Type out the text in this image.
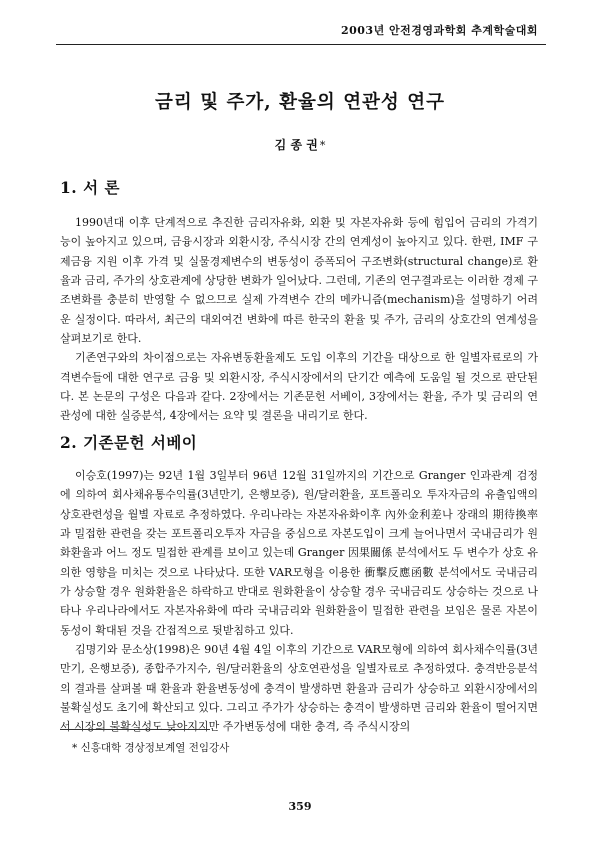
2003년 안전경영과학회 추계학술대회
금리 및 주가, 환율의 연관성 연구
김 종 권 *
1. 서 론

1990년대 이후 단계적으로 추진한 금리자유화, 외환 및 자본자유화 등에 힘입어 금리의 가격기능이 높아지고 있으며, 금융시장과 외환시장, 주식시장 간의 연계성이 높아지고 있다. 한편, IMF 구제금융 지원 이후 가격 및 실물경제변수의 변동성이 증폭되어 구조변화(structural change)로 환율과 금리, 주가의 상호관계에 상당한 변화가 일어났다. 그런데, 기존의 연구결과로는 이러한 경제 구조변화를 충분히 반영할 수 없으므로 실제 가격변수 간의 메카니즘(mechanism)을 설명하기 어려운 실정이다. 따라서, 최근의 대외여건 변화에 따른 한국의 환율 및 주가, 금리의 상호간의 연계성을 살펴보기로 한다.

기존연구와의 차이점으로는 자유변동환율제도 도입 이후의 기간을 대상으로 한 일별자료로의 가격변수들에 대한 연구로 금융 및 외환시장, 주식시장에서의 단기간 예측에 도움일 될 것으로 판단된다. 본 논문의 구성은 다음과 같다. 2장에서는 기존문헌 서베이, 3장에서는 환율, 주가 및 금리의 연관성에 대한 실증분석, 4장에서는 요약 및 결론을 내리기로 한다.

2. 기존문헌 서베이

이승호(1997)는 92년 1월 3일부터 96년 12월 31일까지의 기간으로 Granger 인과관계 검정에 의하여 회사채유통수익률(3년만기, 은행보증), 원/달러환율, 포트폴리오 투자자금의 유출입액의 상호관련성을 월별 자료로 추정하였다. 우리나라는 자본자유화이후 內外金利差나 장래의 期待換率과 밀접한 관련을 갖는 포트폴리오투자 자금을 중심으로 자본도입이 크게 늘어나면서 국내금리가 원화환율과 어느 정도 밀접한 관계를 보이고 있는데 Granger 因果關係 분석에서도 두 변수가 상호 유의한 영향을 미치는 것으로 나타났다. 또한 VAR모형을 이용한 衝擊反應函數 분석에서도 국내금리가 상승할 경우 원화환율은 하락하고 반대로 원화환율이 상승할 경우 국내금리도 상승하는 것으로 나타나 우리나라에서도 자본자유화에 따라 국내금리와 원화환율이 밀접한 관련을 보임은 물론 자본이동성이 확대된 것을 간접적으로 뒷받침하고 있다.

김명기와 문소상(1998)은 90년 4월 4일 이후의 기간으로 VAR모형에 의하여 회사채수익률(3년만기, 은행보증), 종합주가지수, 원/달러환율의 상호연관성을 일별자료로 추정하였다. 충격반응분석의 결과를 살펴볼 때 환율과 환율변동성에 충격이 발생하면 환율과 금리가 상승하고 외환시장에서의 불확실성도 초기에 확산되고 있다. 그리고 주가가 상승하는 충격이 발생하면 금리와 환율이 떨어지면서 시장의 불확실성도 낮아지지만 주가변동성에 대한 충격, 즉 주식시장의

* 신흥대학 경상정보계열 전임강사
359
